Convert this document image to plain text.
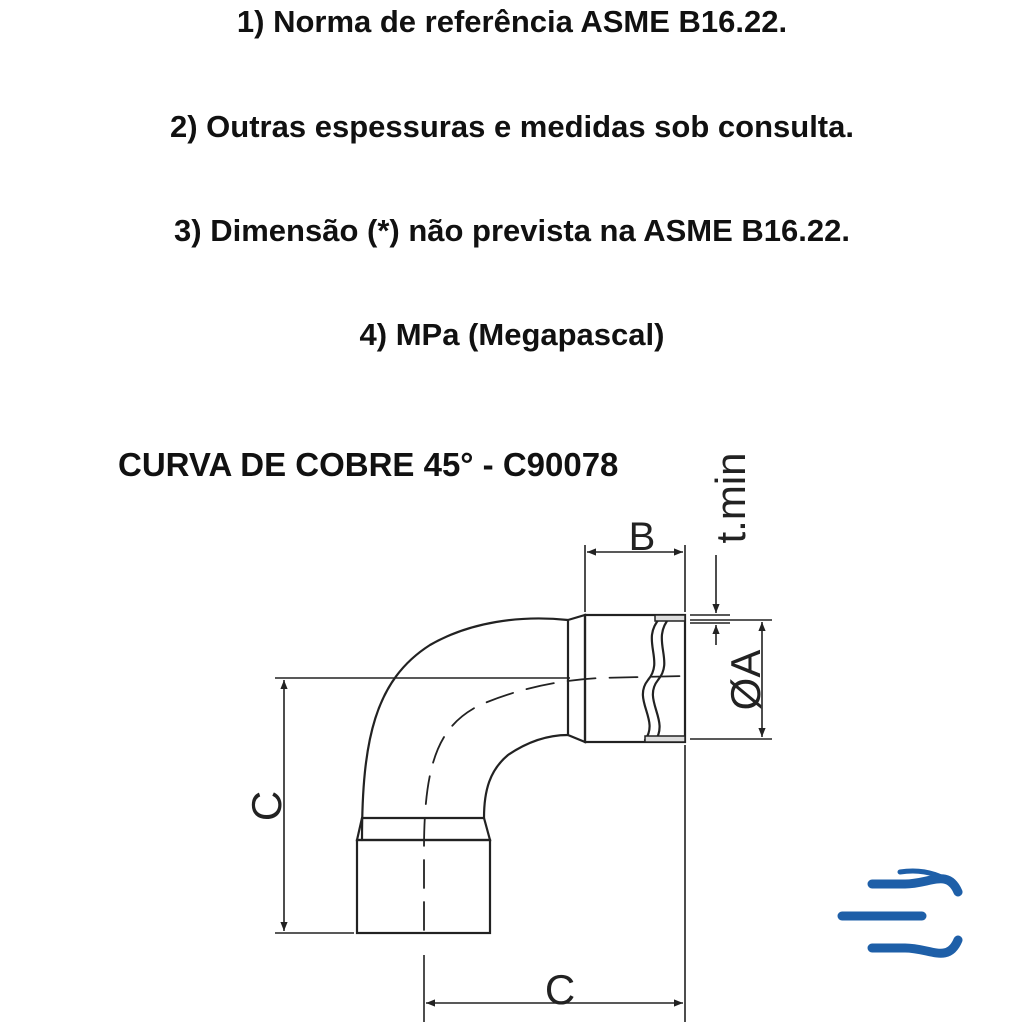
1) Norma de referência ASME B16.22.

2) Outras espessuras e medidas sob consulta.

3) Dimensão (*) não prevista na ASME B16.22.

4) MPa (Megapascal)

CURVA DE COBRE 45° - C90078
B t.min
ØA
C
C
